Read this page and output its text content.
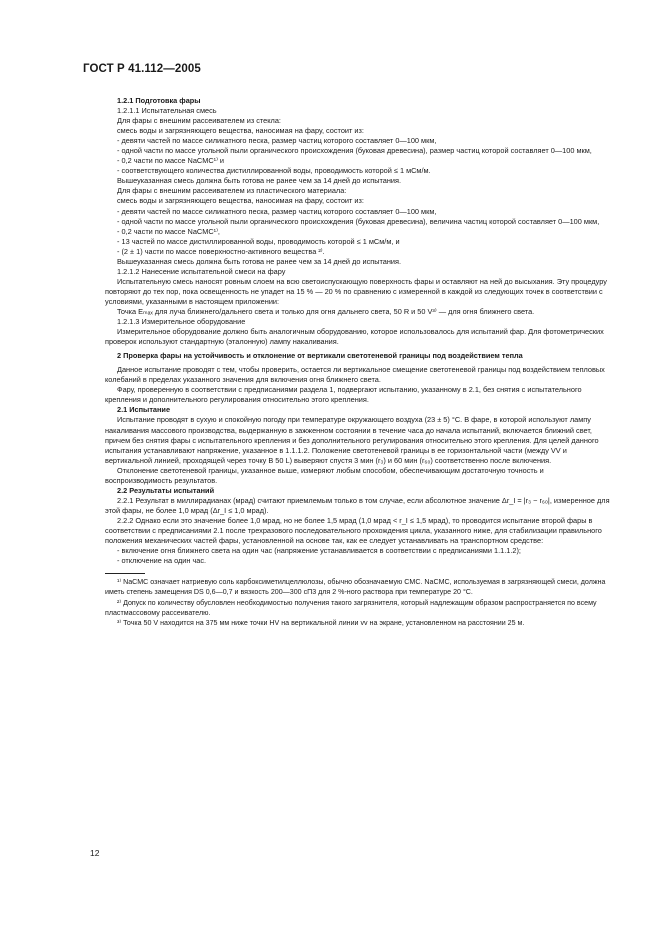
ГОСТ Р 41.112—2005

1.2.1 Подготовка фары

1.2.1.1 Испытательная смесь

Для фары с внешним рассеивателем из стекла:

смесь воды и загрязняющего вещества, наносимая на фару, состоит из:

- девяти частей по массе силикатного песка, размер частиц которого составляет 0—100 мкм,

- одной части по массе угольной пыли органического происхождения (буковая древесина), размер частиц которой составляет 0—100 мкм,

- 0,2 части по массе NaCMC¹⁾ и

- соответствующего количества дистиллированной воды, проводимость которой ≤ 1 мСм/м.

Вышеуказанная смесь должна быть готова не ранее чем за 14 дней до испытания.

Для фары с внешним рассеивателем из пластического материала:

смесь воды и загрязняющего вещества, наносимая на фару, состоит из:

- девяти частей по массе силикатного песка, размер частиц которого составляет 0—100 мкм,

- одной части по массе угольной пыли органического происхождения (буковая древесина), величина частиц которой составляет 0—100 мкм,

- 0,2 части по массе NaCMC¹⁾,

- 13 частей по массе дистиллированной воды, проводимость которой ≤ 1 мСм/м, и

- (2 ± 1) части по массе поверхностно-активного вещества ²⁾.

Вышеуказанная смесь должна быть готова не ранее чем за 14 дней до испытания.

1.2.1.2 Нанесение испытательной смеси на фару

Испытательную смесь наносят ровным слоем на всю светоиспускающую поверхность фары и оставляют на ней до высыхания. Эту процедуру повторяют до тех пор, пока освещенность не упадет на 15 % — 20 % по сравнению с измеренной в каждой из следующих точек в соответствии с условиями, указанными в настоящем приложении:

Точка Eₘₐₓ для луча ближнего/дальнего света и только для огня дальнего света, 50 R и 50 V³⁾ — для огня ближнего света.

1.2.1.3 Измерительное оборудование

Измерительное оборудование должно быть аналогичным оборудованию, которое использовалось для испытаний фар. Для фотометрических проверок используют стандартную (эталонную) лампу накаливания.

2 Проверка фары на устойчивость и отклонение от вертикали светотеневой границы под воздействием тепла

Данное испытание проводят с тем, чтобы проверить, остается ли вертикальное смещение светотеневой границы под воздействием тепловых колебаний в пределах указанного значения для включения огня ближнего света.

Фару, проверенную в соответствии с предписаниями раздела 1, подвергают испытанию, указанному в 2.1, без снятия с испытательного крепления и дополнительного регулирования относительно этого крепления.

2.1 Испытание

Испытание проводят в сухую и спокойную погоду при температуре окружающего воздуха (23 ± 5) °C. В фаре, в которой используют лампу накаливания массового производства, выдержанную в зажженном состоянии в течение часа до начала испытаний, включается ближний свет, причем без снятия фары с испытательного крепления и без дополнительного регулирования относительно этого крепления. Для целей данного испытания устанавливают напряжение, указанное в 1.1.1.2. Положение светотеневой границы в ее горизонтальной части (между VV и вертикальной линией, проходящей через точку B 50 L) выверяют спустя 3 мин (r₃) и 60 мин (r₆₀) соответственно после включения.

Отклонение светотеневой границы, указанное выше, измеряют любым способом, обеспечивающим достаточную точность и воспроизводимость результатов.

2.2 Результаты испытаний

2.2.1 Результат в миллирадианах (мрад) считают приемлемым только в том случае, если абсолютное значение Δr_I = |r₃ − r₆₀|, измеренное для этой фары, не более 1,0 мрад (Δr_I ≤ 1,0 мрад).

2.2.2 Однако если это значение более 1,0 мрад, но не более 1,5 мрад (1,0 мрад < r_I ≤ 1,5 мрад), то проводится испытание второй фары в соответствии с предписаниями 2.1 после трехразового последовательного прохождения цикла, указанного ниже, для стабилизации правильного положения механических частей фары, установленной на основе так, как ее следует устанавливать на транспортном средстве:

- включение огня ближнего света на один час (напряжение устанавливается в соответствии с предписаниями 1.1.1.2);

- отключение на один час.

¹⁾ NaCMC означает натриевую соль карбоксиметилцеллюлозы, обычно обозначаемую CMC. NaCMC, используемая в загрязняющей смеси, должна иметь степень замещения DS 0,6—0,7 и вязкость 200—300 сП3 для 2 %-ного раствора при температуре 20 °C.

²⁾ Допуск по количеству обусловлен необходимостью получения такого загрязнителя, который надлежащим образом распространяется по всему пластмассовому рассеивателю.

³⁾ Точка 50 V находится на 375 мм ниже точки HV на вертикальной линии vv на экране, установленном на расстоянии 25 м.

12
